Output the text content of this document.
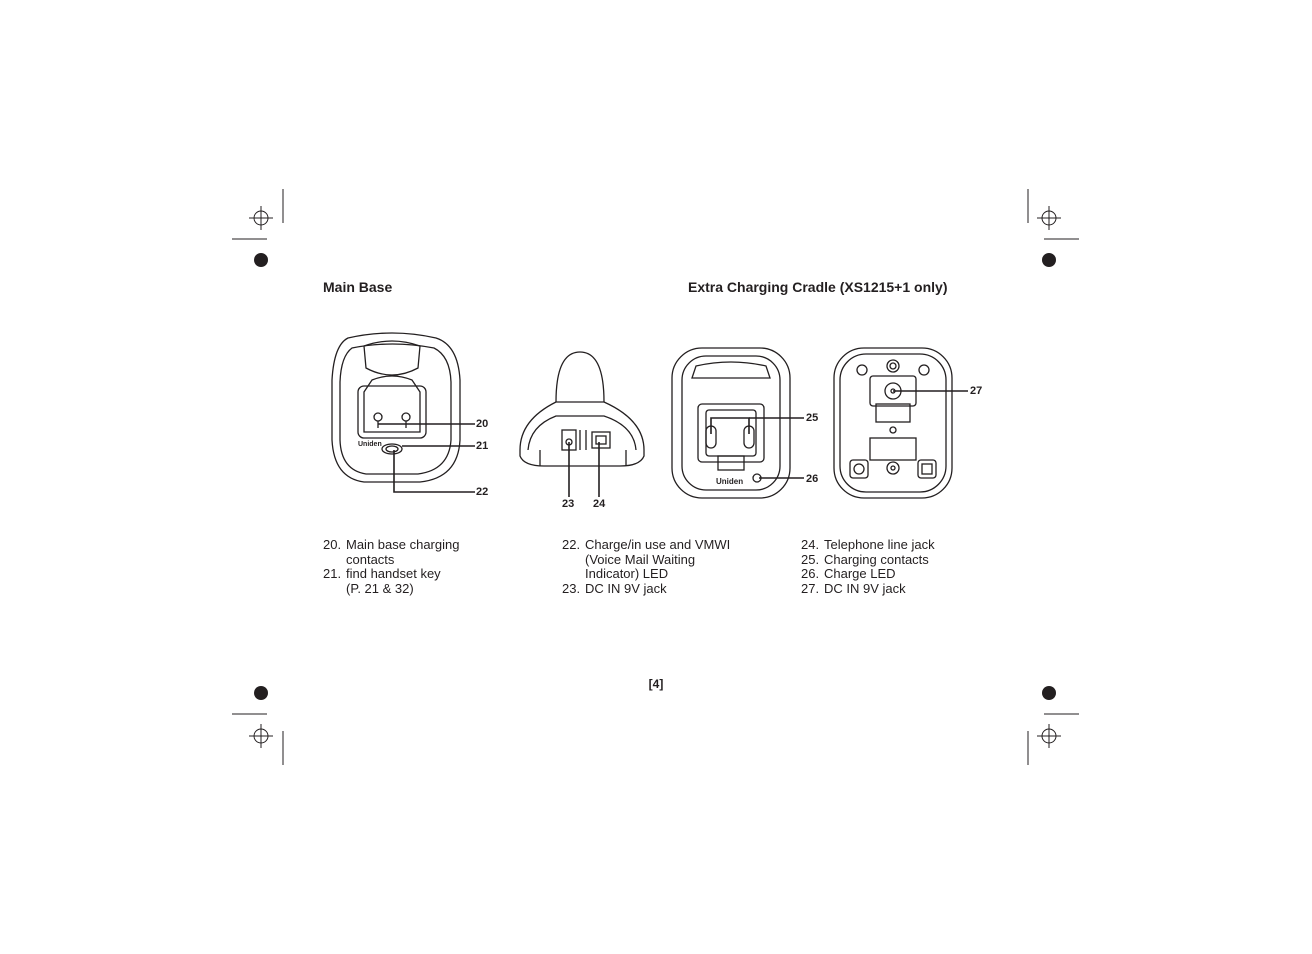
Uniden
Uniden
Main Base	Extra Charging Cradle (XS1215+1 only)
20
21
22
23 24
25
26
27
20. Main base charging
contacts
21. find handset key
(P. 21 & 32)
22. Charge/in use and VMWI
(Voice Mail Waiting
Indicator) LED
23. DC IN 9V jack
24. Telephone line jack
25. Charging contacts
26. Charge LED
27. DC IN 9V jack
[4]
